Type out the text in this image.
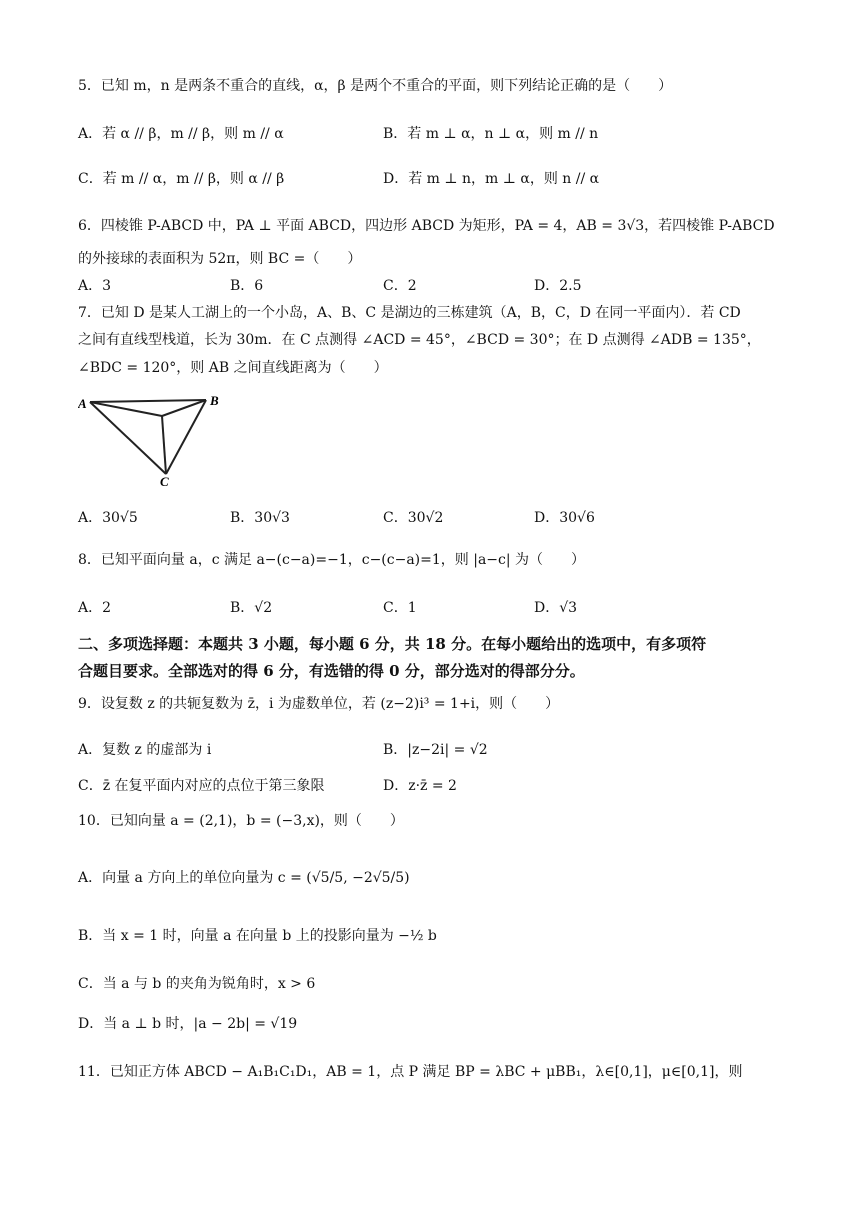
5．已知 m，n 是两条不重合的直线，α，β 是两个不重合的平面，则下列结论正确的是（　　）
A．若 α // β，m // β，则 m // α	B．若 m ⊥ α，n ⊥ α，则 m // n
C．若 m // α，m // β，则 α // β	D．若 m ⊥ n，m ⊥ α，则 n // α
6．四棱锥 P-ABCD 中，PA ⊥ 平面 ABCD，四边形 ABCD 为矩形，PA = 4，AB = 3√3，若四棱锥 P-ABCD
的外接球的表面积为 52π，则 BC =（　　）
A．3	B．6	C．2	D．2.5
7．已知 D 是某人工湖上的一个小岛，A、B、C 是湖边的三栋建筑（A，B，C，D 在同一平面内）．若 CD
之间有直线型栈道，长为 30m．在 C 点测得 ∠ACD = 45°，∠BCD = 30°；在 D 点测得 ∠ADB = 135°，
∠BDC = 120°，则 AB 之间直线距离为（　　）
A	B
C
A．30√5	B．30√3	C．30√2	D．30√6
8．已知平面向量 a，c 满足 a−(c−a)=−1，c−(c−a)=1，则 |a−c| 为（　　）
A．2	B．√2	C．1	D．√3
二、多项选择题：本题共 3 小题，每小题 6 分，共 18 分。在每小题给出的选项中，有多项符
合题目要求。全部选对的得 6 分，有选错的得 0 分，部分选对的得部分分。
9．设复数 z 的共轭复数为 z̄，i 为虚数单位，若 (z−2)i³ = 1+i，则（　　）
A．复数 z 的虚部为 i	B．|z−2i| = √2
C．z̄ 在复平面内对应的点位于第三象限	D．z·z̄ = 2
10．已知向量 a = (2,1)，b = (−3,x)，则（　　）
A．向量 a 方向上的单位向量为 c = (√5/5, −2√5/5)
B．当 x = 1 时，向量 a 在向量 b 上的投影向量为 −½ b
C．当 a 与 b 的夹角为锐角时，x > 6
D．当 a ⊥ b 时，|a − 2b| = √19
11．已知正方体 ABCD − A₁B₁C₁D₁，AB = 1，点 P 满足 BP = λBC + μBB₁，λ∈[0,1]，μ∈[0,1]，则
